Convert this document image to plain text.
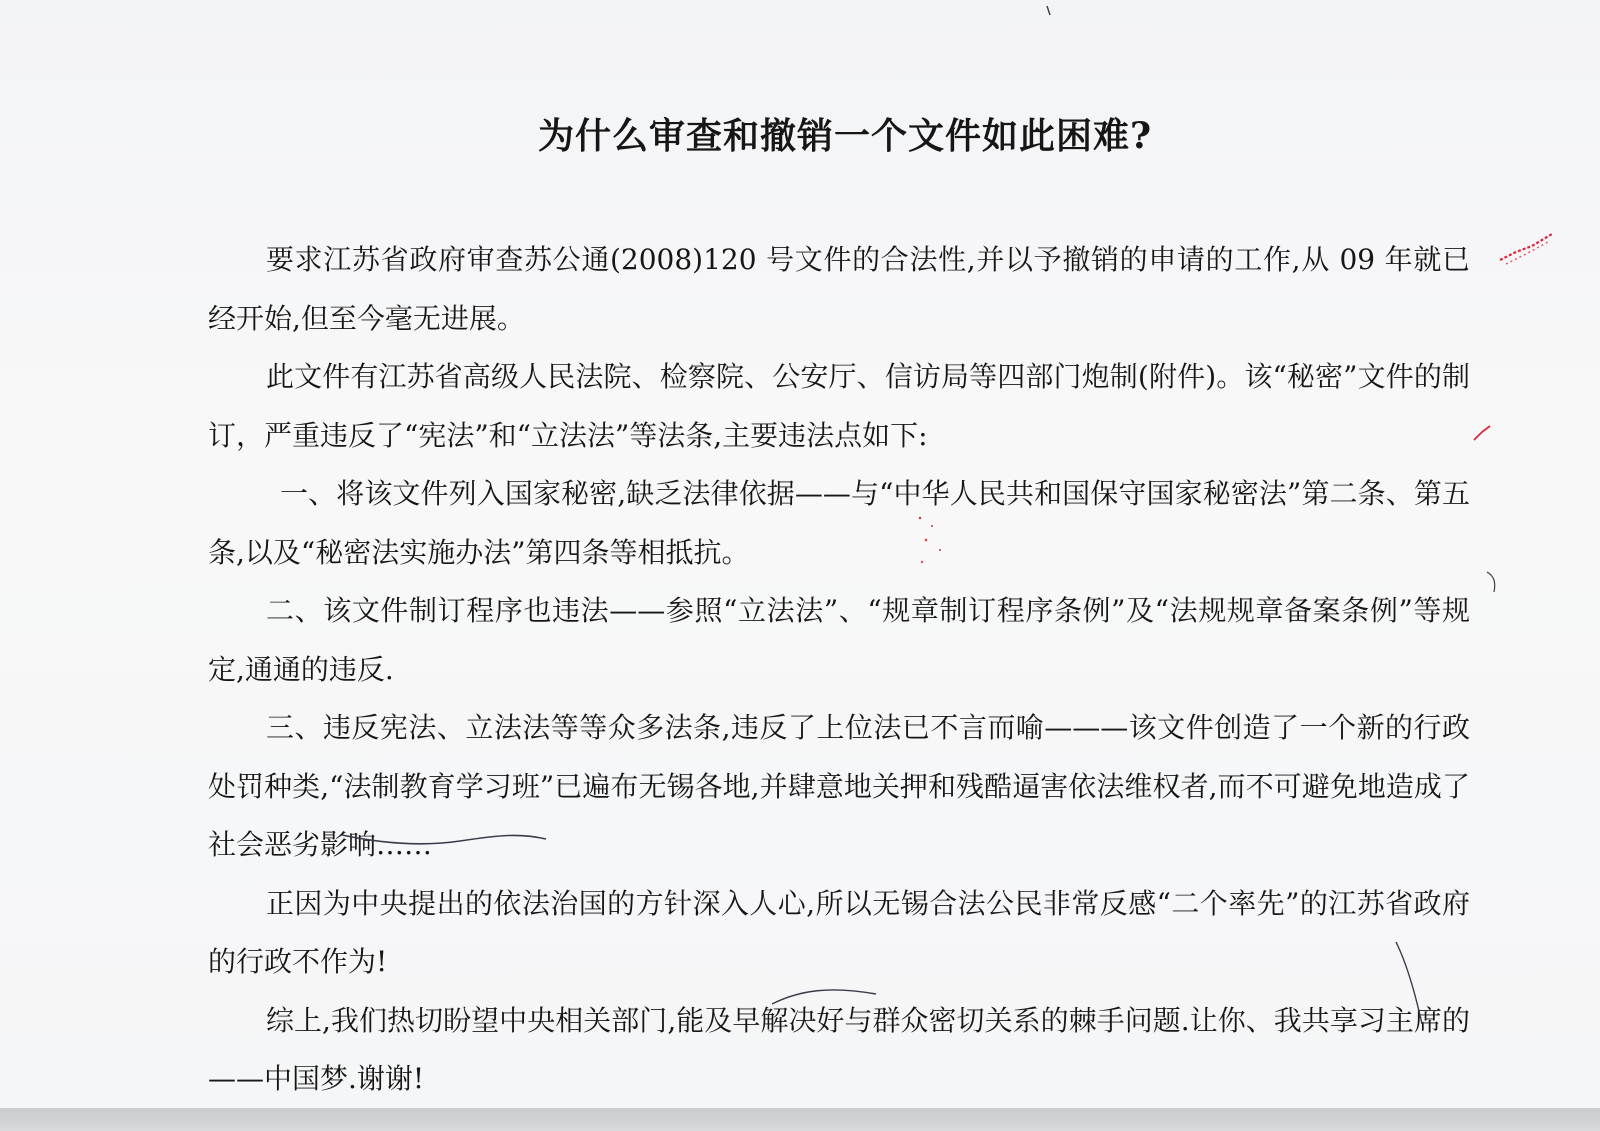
为什么审查和撤销一个文件如此困难?

要求江苏省政府审查苏公通(2008)120 号文件的合法性,并以予撤销的申请的工作,从 09 年就已经开始,但至今毫无进展。

此文件有江苏省高级人民法院、检察院、公安厅、信访局等四部门炮制(附件)。该“秘密”文件的制订，严重违反了“宪法”和“立法法”等法条,主要违法点如下:

一、将该文件列入国家秘密,缺乏法律依据——与“中华人民共和国保守国家秘密法”第二条、第五条,以及“秘密法实施办法”第四条等相抵抗。

二、该文件制订程序也违法——参照“立法法”、“规章制订程序条例”及“法规规章备案条例”等规定,通通的违反.

三、违反宪法、立法法等等众多法条,违反了上位法已不言而喻———该文件创造了一个新的行政处罚种类,“法制教育学习班”已遍布无锡各地,并肆意地关押和残酷逼害依法维权者,而不可避免地造成了社会恶劣影响……

正因为中央提出的依法治国的方针深入人心,所以无锡合法公民非常反感“二个率先”的江苏省政府的行政不作为!

综上,我们热切盼望中央相关部门,能及早解决好与群众密切关系的棘手问题.让你、我共享习主席的——中国梦.谢谢!
